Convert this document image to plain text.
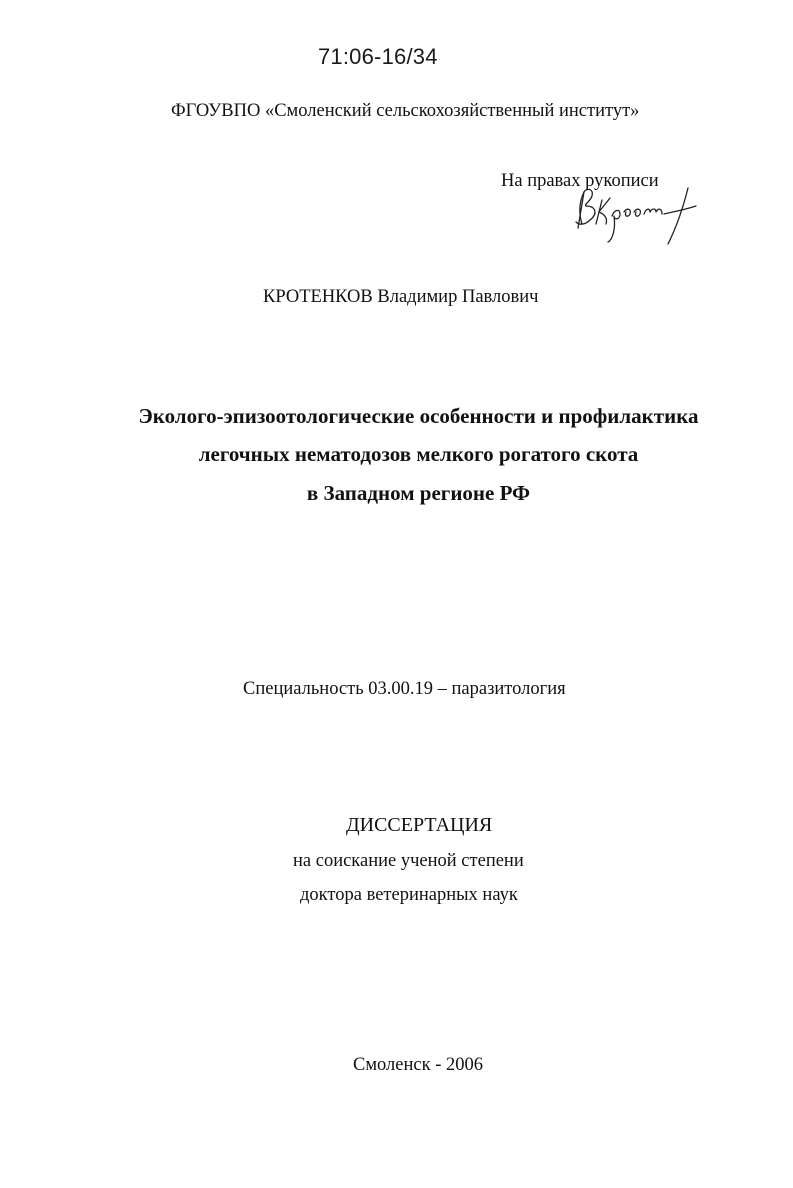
71:06-16/34
ФГОУВПО «Смоленский сельскохозяйственный институт»
На правах рукописи
КРОТЕНКОВ Владимир Павлович
Эколого-эпизоотологические особенности и профилактика
легочных нематодозов мелкого рогатого скота
в Западном регионе РФ
Специальность 03.00.19 – паразитология
ДИССЕРТАЦИЯ
на соискание ученой степени
доктора ветеринарных наук
Смоленск - 2006
